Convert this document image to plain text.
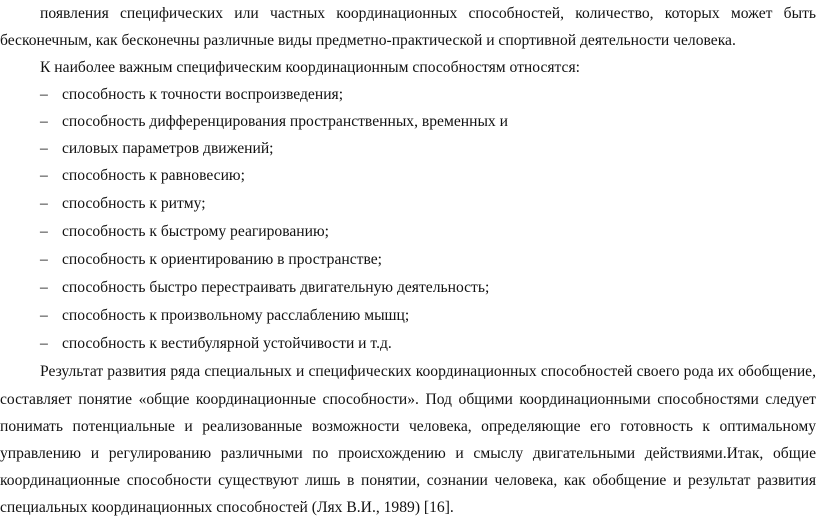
появления специфических или частных координационных способностей, количество, которых может быть
бесконечным, как бесконечны различные виды предметно-практической и спортивной деятельности человека.
К наиболее важным специфическим координационным способностям относятся:
– способность к точности воспроизведения;
– способность дифференцирования пространственных, временных и
– силовых параметров движений;
– способность к равновесию;
– способность к ритму;
– способность к быстрому реагированию;
– способность к ориентированию в пространстве;
– способность быстро перестраивать двигательную деятельность;
– способность к произвольному расслаблению мышц;
– способность к вестибулярной устойчивости и т.д.
Результат развития ряда специальных и специфических координационных способностей своего рода их обобщение,
составляет понятие «общие координационные способности». Под общими координационными способностями следует
понимать потенциальные и реализованные возможности человека, определяющие его готовность к оптимальному
управлению и регулированию различными по происхождению и смыслу двигательными действиями.Итак, общие
координационные способности существуют лишь в понятии, сознании человека, как обобщение и результат развития
специальных координационных способностей (Лях В.И., 1989) [16].
